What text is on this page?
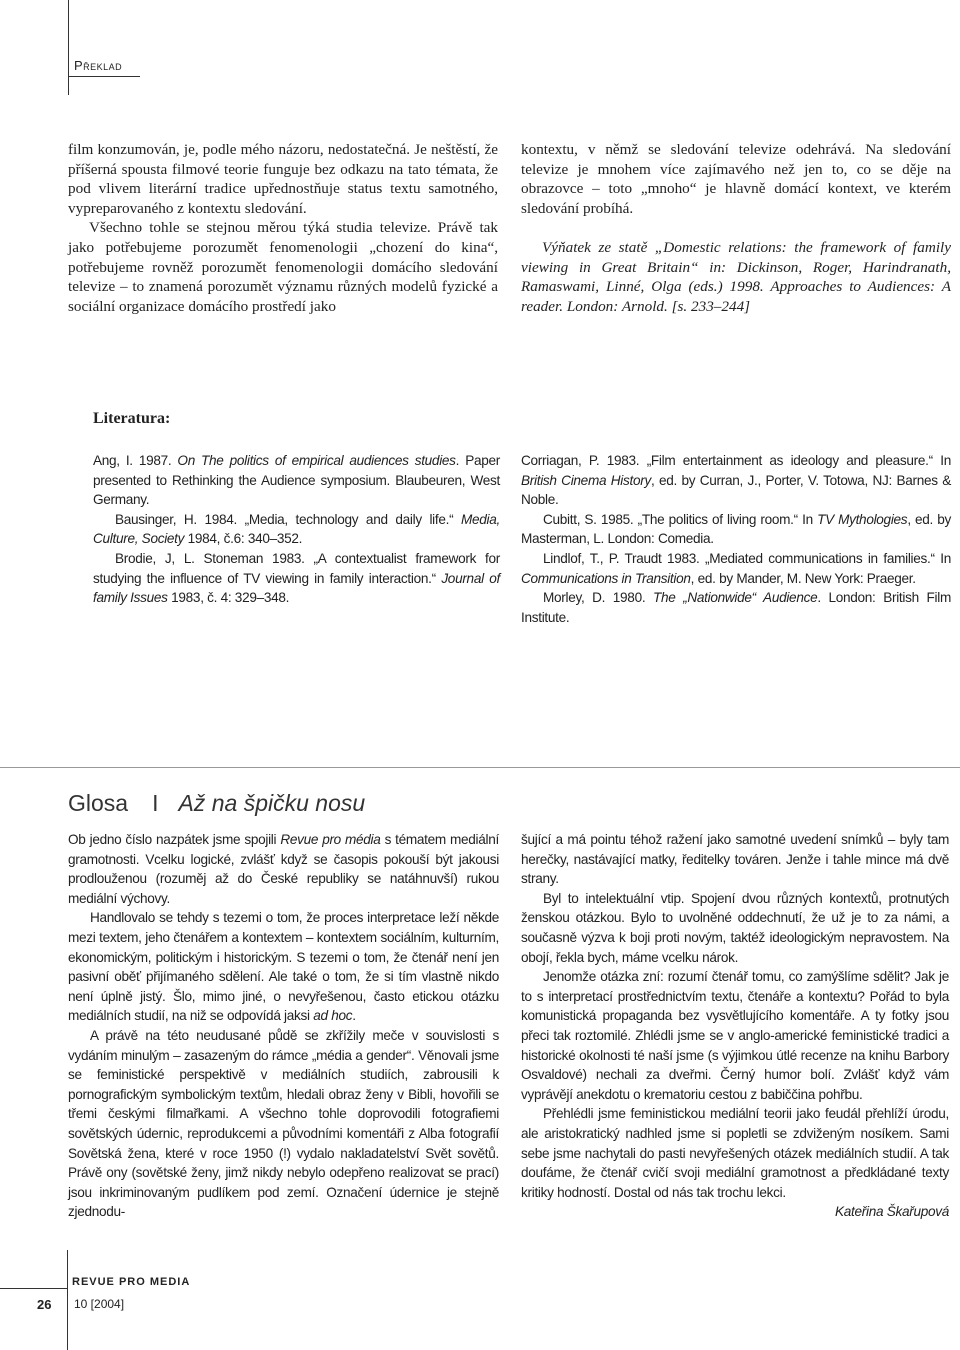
Překlad

film konzumován, je, podle mého názoru, nedostatečná. Je neštěstí, že příšerná spousta filmové teorie funguje bez odkazu na tato témata, že pod vlivem literární tradice upřednostňuje status textu samotného, vypreparovaného z kontextu sledování.

Všechno tohle se stejnou měrou týká studia televize. Právě tak jako potřebujeme porozumět fenomenologii „chození do kina“, potřebujeme rovněž porozumět fenomenologii domácího sledování televize – to znamená porozumět významu různých modelů fyzické a sociální organizace domácího prostředí jako

kontextu, v němž se sledování televize odehrává. Na sledování televize je mnohem více zajímavého než jen to, co se děje na obrazovce – toto „mnoho“ je hlavně domácí kontext, ve kterém sledování probíhá.

Výňatek ze statě „Domestic relations: the framework of family viewing in Great Britain“ in: Dickinson, Roger, Harindranath, Ramaswami, Linné, Olga (eds.) 1998. Approaches to Audiences: A reader. London: Arnold. [s. 233–244]

Literatura:

Ang, I. 1987. On The politics of empirical audiences studies. Paper presented to Rethinking the Audience symposium. Blaubeuren, West Germany.

Bausinger, H. 1984. „Media, technology and daily life.“ Media, Culture, Society 1984, č.6: 340–352.

Brodie, J, L. Stoneman 1983. „A contextualist framework for studying the influence of TV viewing in family interaction.“ Journal of family Issues 1983, č. 4: 329–348.

Corriagan, P. 1983. „Film entertainment as ideology and pleasure.“ In British Cinema History, ed. by Curran, J., Porter, V. Totowa, NJ: Barnes & Noble.

Cubitt, S. 1985. „The politics of living room.“ In TV Mythologies, ed. by Masterman, L. London: Comedia.

Lindlof, T., P. Traudt 1983. „Mediated communications in families.“ In Communications in Transition, ed. by Mander, M. New York: Praeger.

Morley, D. 1980. The „Nationwide“ Audience. London: British Film Institute.

Glosa I Až na špičku nosu

Ob jedno číslo nazpátek jsme spojili Revue pro média s tématem mediální gramotnosti. Vcelku logické, zvlášť když se časopis pokouší být jakousi prodlouženou (rozuměj až do České republiky se natáhnuvší) rukou mediální výchovy.

Handlovalo se tehdy s tezemi o tom, že proces interpretace leží někde mezi textem, jeho čtenářem a kontextem – kontextem sociálním, kulturním, ekonomickým, politickým i historickým. S tezemi o tom, že čtenář není jen pasivní oběť přijímaného sdělení. Ale také o tom, že si tím vlastně nikdo není úplně jistý. Šlo, mimo jiné, o nevyřešenou, často etickou otázku mediálních studií, na niž se odpovídá jaksi ad hoc.

A právě na této neudusané půdě se zkřížily meče v souvislosti s vydáním minulým – zasazeným do rámce „média a gender“. Věnovali jsme se feministické perspektivě v mediálních studiích, zabrousili k pornografickým symbolickým textům, hledali obraz ženy v Bibli, hovořili se třemi českými filmařkami. A všechno tohle doprovodili fotografiemi sovětských údernic, reprodukcemi a původními komentáři z Alba fotografií Sovětská žena, které v roce 1950 (!) vydalo nakladatelství Svět sovětů. Právě ony (sovětské ženy, jimž nikdy nebylo odepřeno realizovat se prací) jsou inkriminovaným pudlíkem pod zemí. Označení údernice je stejně zjednodu-

šující a má pointu téhož ražení jako samotné uvedení snímků – byly tam herečky, nastávající matky, ředitelky továren. Jenže i tahle mince má dvě strany.

Byl to intelektuální vtip. Spojení dvou různých kontextů, protnutých ženskou otázkou. Bylo to uvolněné oddechnutí, že už je to za námi, a současně výzva k boji proti novým, taktéž ideologickým nepravostem. Na obojí, řekla bych, máme vcelku nárok.

Jenomže otázka zní: rozumí čtenář tomu, co zamýšlíme sdělit? Jak je to s interpretací prostřednictvím textu, čtenáře a kontextu? Pořád to byla komunistická propaganda bez vysvětlujícího komentáře. A ty fotky jsou přeci tak roztomilé. Zhlédli jsme se v anglo-americké feministické tradici a historické okolnosti té naší jsme (s výjimkou útlé recenze na knihu Barbory Osvaldové) nechali za dveřmi. Černý humor bolí. Zvlášť když vám vyprávějí anekdotu o krematoriu cestou z babiččina pohřbu.

Přehlédli jsme feministickou mediální teorii jako feudál přehlíží úrodu, ale aristokratický nadhled jsme si popletli se zdviženým nosíkem. Sami sebe jsme nachytali do pasti nevyřešených otázek mediálních studií. A tak doufáme, že čtenář cvičí svoji mediální gramotnost a předkládané texty kritiky hodností. Dostal od nás tak trochu lekci.

Kateřina Škařupová

26
REVUE PRO MEDIA
10 [2004]
